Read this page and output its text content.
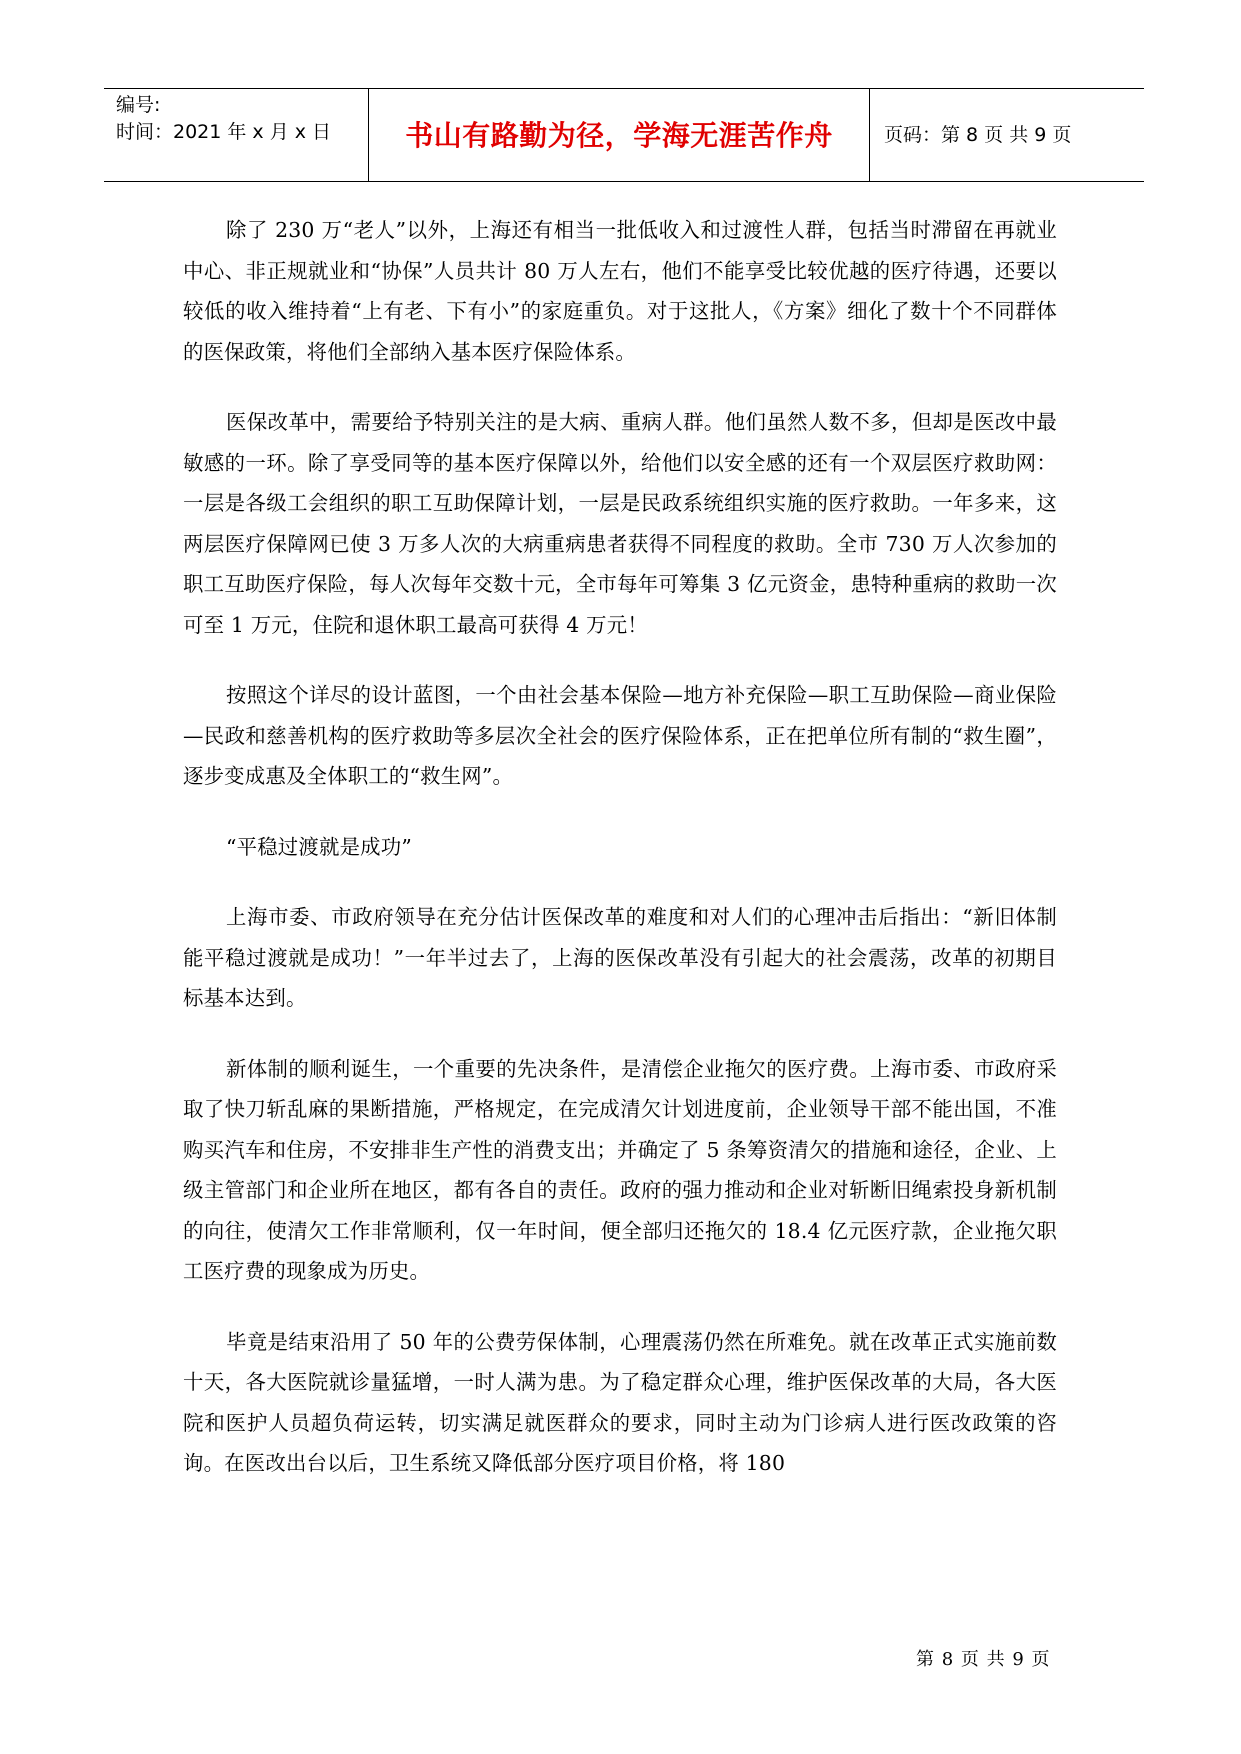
编号:
时间：2021 年 x 月 x 日	书山有路勤为径，学海无涯苦作舟	页码：第 8 页 共 9 页

除了 230 万“老人”以外，上海还有相当一批低收入和过渡性人群，包括当时滞留在再就业中心、非正规就业和“协保”人员共计 80 万人左右，他们不能享受比较优越的医疗待遇，还要以较低的收入维持着“上有老、下有小”的家庭重负。对于这批人，《方案》细化了数十个不同群体的医保政策，将他们全部纳入基本医疗保险体系。

医保改革中，需要给予特别关注的是大病、重病人群。他们虽然人数不多，但却是医改中最敏感的一环。除了享受同等的基本医疗保障以外，给他们以安全感的还有一个双层医疗救助网：一层是各级工会组织的职工互助保障计划，一层是民政系统组织实施的医疗救助。一年多来，这两层医疗保障网已使 3 万多人次的大病重病患者获得不同程度的救助。全市 730 万人次参加的职工互助医疗保险，每人次每年交数十元，全市每年可筹集 3 亿元资金，患特种重病的救助一次可至 1 万元，住院和退休职工最高可获得 4 万元！

按照这个详尽的设计蓝图，一个由社会基本保险—地方补充保险—职工互助保险—商业保险—民政和慈善机构的医疗救助等多层次全社会的医疗保险体系，正在把单位所有制的“救生圈”，逐步变成惠及全体职工的“救生网”。

“平稳过渡就是成功”

上海市委、市政府领导在充分估计医保改革的难度和对人们的心理冲击后指出：“新旧体制能平稳过渡就是成功！”一年半过去了，上海的医保改革没有引起大的社会震荡，改革的初期目标基本达到。

新体制的顺利诞生，一个重要的先决条件，是清偿企业拖欠的医疗费。上海市委、市政府采取了快刀斩乱麻的果断措施，严格规定，在完成清欠计划进度前，企业领导干部不能出国，不准购买汽车和住房，不安排非生产性的消费支出；并确定了 5 条筹资清欠的措施和途径，企业、上级主管部门和企业所在地区，都有各自的责任。政府的强力推动和企业对斩断旧绳索投身新机制的向往，使清欠工作非常顺利，仅一年时间，便全部归还拖欠的 18.4 亿元医疗款，企业拖欠职工医疗费的现象成为历史。

毕竟是结束沿用了 50 年的公费劳保体制，心理震荡仍然在所难免。就在改革正式实施前数十天，各大医院就诊量猛增，一时人满为患。为了稳定群众心理，维护医保改革的大局，各大医院和医护人员超负荷运转，切实满足就医群众的要求，同时主动为门诊病人进行医改政策的咨询。在医改出台以后，卫生系统又降低部分医疗项目价格，将 180

第 8 页 共 9 页
